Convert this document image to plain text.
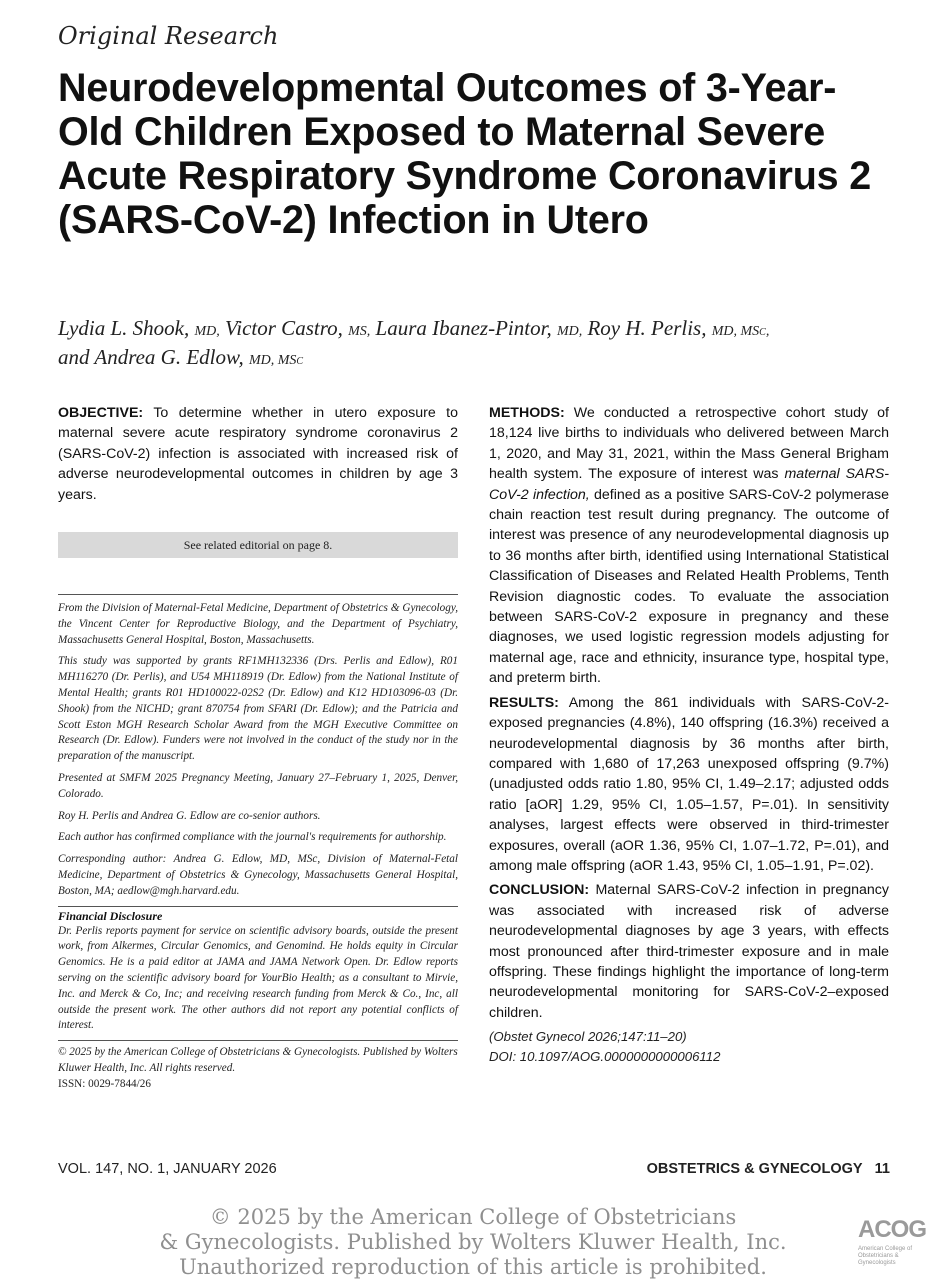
Original Research

Neurodevelopmental Outcomes of 3-Year-Old Children Exposed to Maternal Severe Acute Respiratory Syndrome Coronavirus 2 (SARS-CoV-2) Infection in Utero

Lydia L. Shook, MD, Victor Castro, MS, Laura Ibanez-Pintor, MD, Roy H. Perlis, MD, MSc,
and Andrea G. Edlow, MD, MSc

OBJECTIVE: To determine whether in utero exposure to maternal severe acute respiratory syndrome coronavirus 2 (SARS-CoV-2) infection is associated with increased risk of adverse neurodevelopmental outcomes in children by age 3 years.

See related editorial on page 8.

From the Division of Maternal-Fetal Medicine, Department of Obstetrics & Gynecology, the Vincent Center for Reproductive Biology, and the Department of Psychiatry, Massachusetts General Hospital, Boston, Massachusetts.

This study was supported by grants RF1MH132336 (Drs. Perlis and Edlow), R01 MH116270 (Dr. Perlis), and U54 MH118919 (Dr. Edlow) from the National Institute of Mental Health; grants R01 HD100022-02S2 (Dr. Edlow) and K12 HD103096-03 (Dr. Shook) from the NICHD; grant 870754 from SFARI (Dr. Edlow); and the Patricia and Scott Eston MGH Research Scholar Award from the MGH Executive Committee on Research (Dr. Edlow). Funders were not involved in the conduct of the study nor in the preparation of the manuscript.

Presented at SMFM 2025 Pregnancy Meeting, January 27–February 1, 2025, Denver, Colorado.

Roy H. Perlis and Andrea G. Edlow are co-senior authors.

Each author has confirmed compliance with the journal's requirements for authorship.

Corresponding author: Andrea G. Edlow, MD, MSc, Division of Maternal-Fetal Medicine, Department of Obstetrics & Gynecology, Massachusetts General Hospital, Boston, MA; aedlow@mgh.harvard.edu.

Financial Disclosure

Dr. Perlis reports payment for service on scientific advisory boards, outside the present work, from Alkermes, Circular Genomics, and Genomind. He holds equity in Circular Genomics. He is a paid editor at JAMA and JAMA Network Open. Dr. Edlow reports serving on the scientific advisory board for YourBio Health; as a consultant to Mirvie, Inc. and Merck & Co, Inc; and receiving research funding from Merck & Co., Inc, all outside the present work. The other authors did not report any potential conflicts of interest.

© 2025 by the American College of Obstetricians & Gynecologists. Published by Wolters Kluwer Health, Inc. All rights reserved.

ISSN: 0029-7844/26

METHODS: We conducted a retrospective cohort study of 18,124 live births to individuals who delivered between March 1, 2020, and May 31, 2021, within the Mass General Brigham health system. The exposure of interest was maternal SARS-CoV-2 infection, defined as a positive SARS-CoV-2 polymerase chain reaction test result during pregnancy. The outcome of interest was presence of any neurodevelopmental diagnosis up to 36 months after birth, identified using International Statistical Classification of Diseases and Related Health Problems, Tenth Revision diagnostic codes. To evaluate the association between SARS-CoV-2 exposure in pregnancy and these diagnoses, we used logistic regression models adjusting for maternal age, race and ethnicity, insurance type, hospital type, and preterm birth.

RESULTS: Among the 861 individuals with SARS-CoV-2-exposed pregnancies (4.8%), 140 offspring (16.3%) received a neurodevelopmental diagnosis by 36 months after birth, compared with 1,680 of 17,263 unexposed offspring (9.7%) (unadjusted odds ratio 1.80, 95% CI, 1.49–2.17; adjusted odds ratio [aOR] 1.29, 95% CI, 1.05–1.57, P=.01). In sensitivity analyses, largest effects were observed in third-trimester exposures, overall (aOR 1.36, 95% CI, 1.07–1.72, P=.01), and among male offspring (aOR 1.43, 95% CI, 1.05–1.91, P=.02).

CONCLUSION: Maternal SARS-CoV-2 infection in pregnancy was associated with increased risk of adverse neurodevelopmental diagnoses by age 3 years, with effects most pronounced after third-trimester exposure and in male offspring. These findings highlight the importance of long-term neurodevelopmental monitoring for SARS-CoV-2–exposed children.

(Obstet Gynecol 2026;147:11–20)

DOI: 10.1097/AOG.0000000000006112

VOL. 147, NO. 1, JANUARY 2026	OBSTETRICS & GYNECOLOGY 11
© 2025 by the American College of Obstetricians
& Gynecologists. Published by Wolters Kluwer Health, Inc.
Unauthorized reproduction of this article is prohibited.
ACOG
American College of Obstetricians & Gynecologists
